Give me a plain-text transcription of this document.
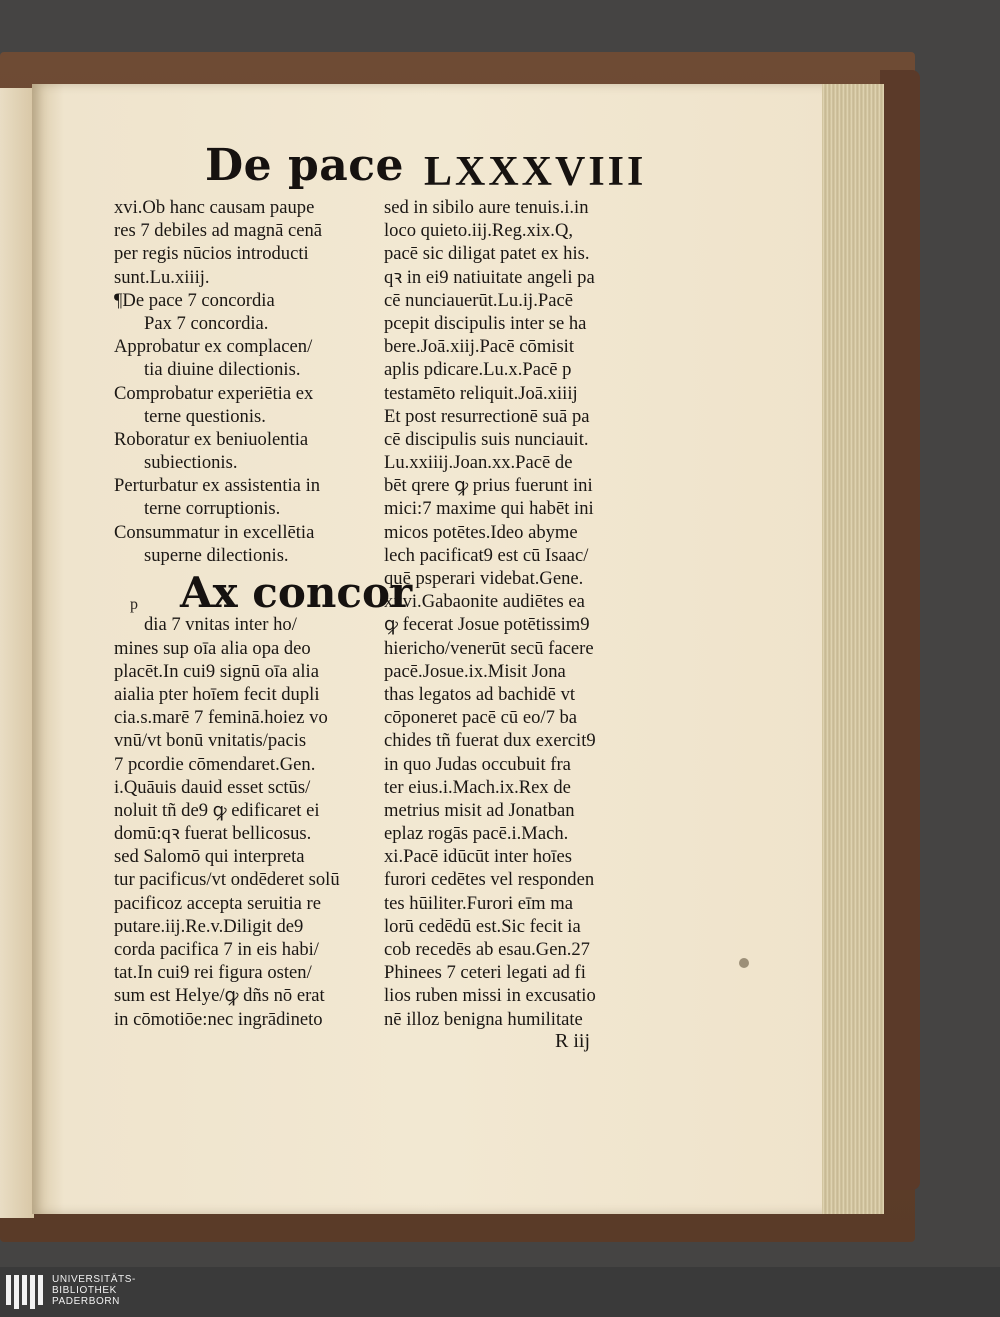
De pace LXXXVIII
xvi.Ob hanc causam paupe
res 7 debiles ad magnā cenā
per regis nūcios introducti
sunt.Lu.xiiij.
¶De pace 7 concordia
Pax 7 concordia.
Approbatur ex complacen/
tia diuine dilectionis.
Comprobatur experiētia ex
terne questionis.
Roboratur ex beniuolentia
subiectionis.
Perturbatur ex assistentia in
terne corruptionis.
Consummatur in excellētia
superne dilectionis.
dia 7 vnitas inter ho/
mines sup oīa alia opa deo
placēt.In cui9 signū oīa alia
aialia pter hoīem fecit dupli
cia.s.marē 7 feminā.hoiez vo
vnū/vt bonū vnitatis/pacis
7 pcordie cōmendaret.Gen.
i.Quāuis dauid esset sctūs/
noluit tñ de9 ꝙ edificaret ei
domū:qꝛ fuerat bellicosus.
sed Salomō qui interpreta
tur pacificus/vt ondēderet solū
pacificoz accepta seruitia re
putare.iij.Re.v.Diligit de9
corda pacifica 7 in eis habi/
tat.In cui9 rei figura osten/
sum est Helye/ꝙ dñs nō erat
in cōmotiōe:nec ingrādineto
sed in sibilo aure tenuis.i.in
loco quieto.iij.Reg.xix.Q,
pacē sic diligat patet ex his.
qꝛ in ei9 natiuitate angeli pa
cē nunciauerūt.Lu.ij.Pacē
pcepit discipulis inter se ha
bere.Joā.xiij.Pacē cōmisit
aplis pdicare.Lu.x.Pacē p
testamēto reliquit.Joā.xiiij
Et post resurrectionē suā pa
cē discipulis suis nunciauit.
Lu.xxiiij.Joan.xx.Pacē de
bēt qrere ꝙ prius fuerunt ini
mici:7 maxime qui habēt ini
micos potētes.Ideo abyme
lech pacificat9 est cū Isaac/
quē psperari videbat.Gene.
xxvi.Gabaonite audiētes ea
ꝙ fecerat Josue potētissim9
hiericho/venerūt secū facere
pacē.Josue.ix.Misit Jona
thas legatos ad bachidē vt
cōponeret pacē cū eo/7 ba
chides tñ fuerat dux exercit9
in quo Judas occubuit fra
ter eius.i.Mach.ix.Rex de
metrius misit ad Jonatban
eplaz rogās pacē.i.Mach.
xi.Pacē idūcūt inter hoīes
furori cedētes vel responden
tes hūiliter.Furori eīm ma
lorū cedēdū est.Sic fecit ia
cob recedēs ab esau.Gen.27
Phinees 7 ceteri legati ad fi
lios ruben missi in excusatio
nē illoz benigna humilitate
p Ax concor
R iij
UNIVERSITÄTS-
BIBLIOTHEK
PADERBORN
